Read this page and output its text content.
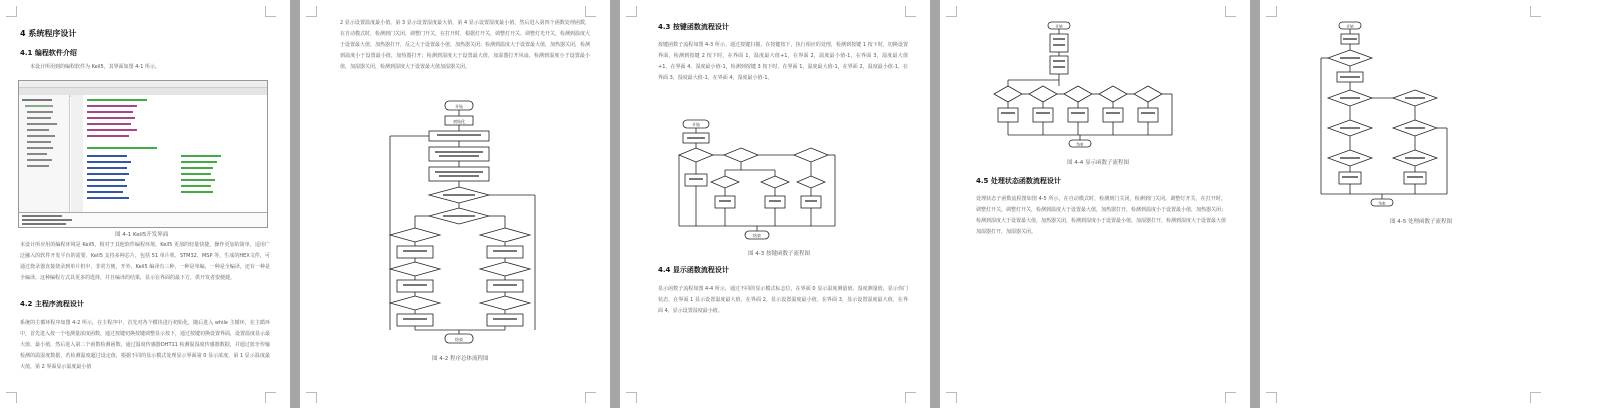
4 系统程序设计
4.1 编程软件介绍
本设计所用到的编程软件为 Keil5，其界面如图 4-1 所示。
图 4-1 Keil5开发界面
本设计所应用的编程环境是 Keil5，相对于其他软件编程环境，Keil5 更加的轻量快捷，操作更加的简单，适用广泛融入的软件开发平台的需要，Keil5 支持多种芯片，包括 51 单片机、STM32、MSP 等，生成的HEX文件，可通过烧录器直接烧录到单片机中，非常方便，开外，Keil5 编译有三种，一种是单编，一种是全编译，还有一种是全编译，这种编程方式具更多的选择，并且编译的结果，显示在界面的最下方，供开发者很便捷。
4.2 主程序流程设计
系统的主循环程序如图 4-2 所示，在主程序中，首先对各个模块进行初始化，随后进入 while 主循环，在主循环中，首先进入按一个电测量浓度函数，通过按键切换按键调整显示按下，通过按键切换设置界面，设置温度显示最大值、最小值，然后进入第二个函数检测函数，通过温度传感器DHT11 检测温湿度传感器数据，并通过蓝牙传输检测的温湿度数据，若检测温度超过设定值，根据不同的显示模式处理显示界面第 0 显示浓度，第 1 显示温度最大值，第 2 界面显示温度最小值
2 显示设置温度最小值，第 3 显示设置湿度最大值，第 4 显示设置湿度最小值，然后进入第四个函数处理函数，在自动模式时，检测到门关闭、调整门开关，在打开时，根据灯开关，调整灯开关、调整灯光开关，检测到温度大于设置最大值，加热器打开，反之大于设置最小值，加热器关闭；检测到温度大于设置最大值，加热器关闭，检测到温度小于设置最小值，加热器打开；检测到湿度大于设置最大值，加湿器打开风扇，检测到湿度小于设置最小值，加湿器关闭，检测到湿度大于设置最大值加湿器关闭。
开始
初始化
结束
图 4-2 程序总体流程图
4.3 按键函数流程设计
按键函数子流程如图 4-3 所示。通过按键扫描，在按键按下，执行相应的处理，检测到按键 1 按下时，切换设置界面，检测到按键 2 按下时，在界面 1，温度最大值+1，在界面 2，温度最小值-1，在界面 3，湿度最大值+1，在界面 4，湿度最小值-1，检测到按键 3 按下时，在界面 1，温度最大值-1，在界面 2，温度最小值-1，在界面 3，湿度最大值-1，在界面 4，湿度最小值-1。
开始
结束
图 4-3 按键函数子流程图
4.4 显示函数流程设计
显示函数子流程如图 4-4 所示，通过不同的显示模式标志位，在界面 0 显示温度测量值、湿度测量值、显示你门状态，在界面 1 显示设置温度最大值，在界面 2，显示设置温度最小值，在界面 3，显示设置湿度最大值，在界面 4，显示设置湿度最小值。
开始
结束
图 4-4 显示函数子流程图
4.5 处理状态函数流程设计
处理状态子函数流程图如图 4-5 所示，在自动模式时，检测到门关闭，检测到门关闭，调整灯开关，在打开时，调整灯开关，调整灯开关，检测到温度大于设置最大值，加热器打开，检测到温度小于设置最小值，加热器关闭；检测到湿度大于设置最大值，加热器关闭，检测到湿度小于设置最小值，加湿器打开，检测到湿度大于设置最大值加湿器打开，加湿器关闭。
开始
结束
图 4-5 处理函数子流程图
